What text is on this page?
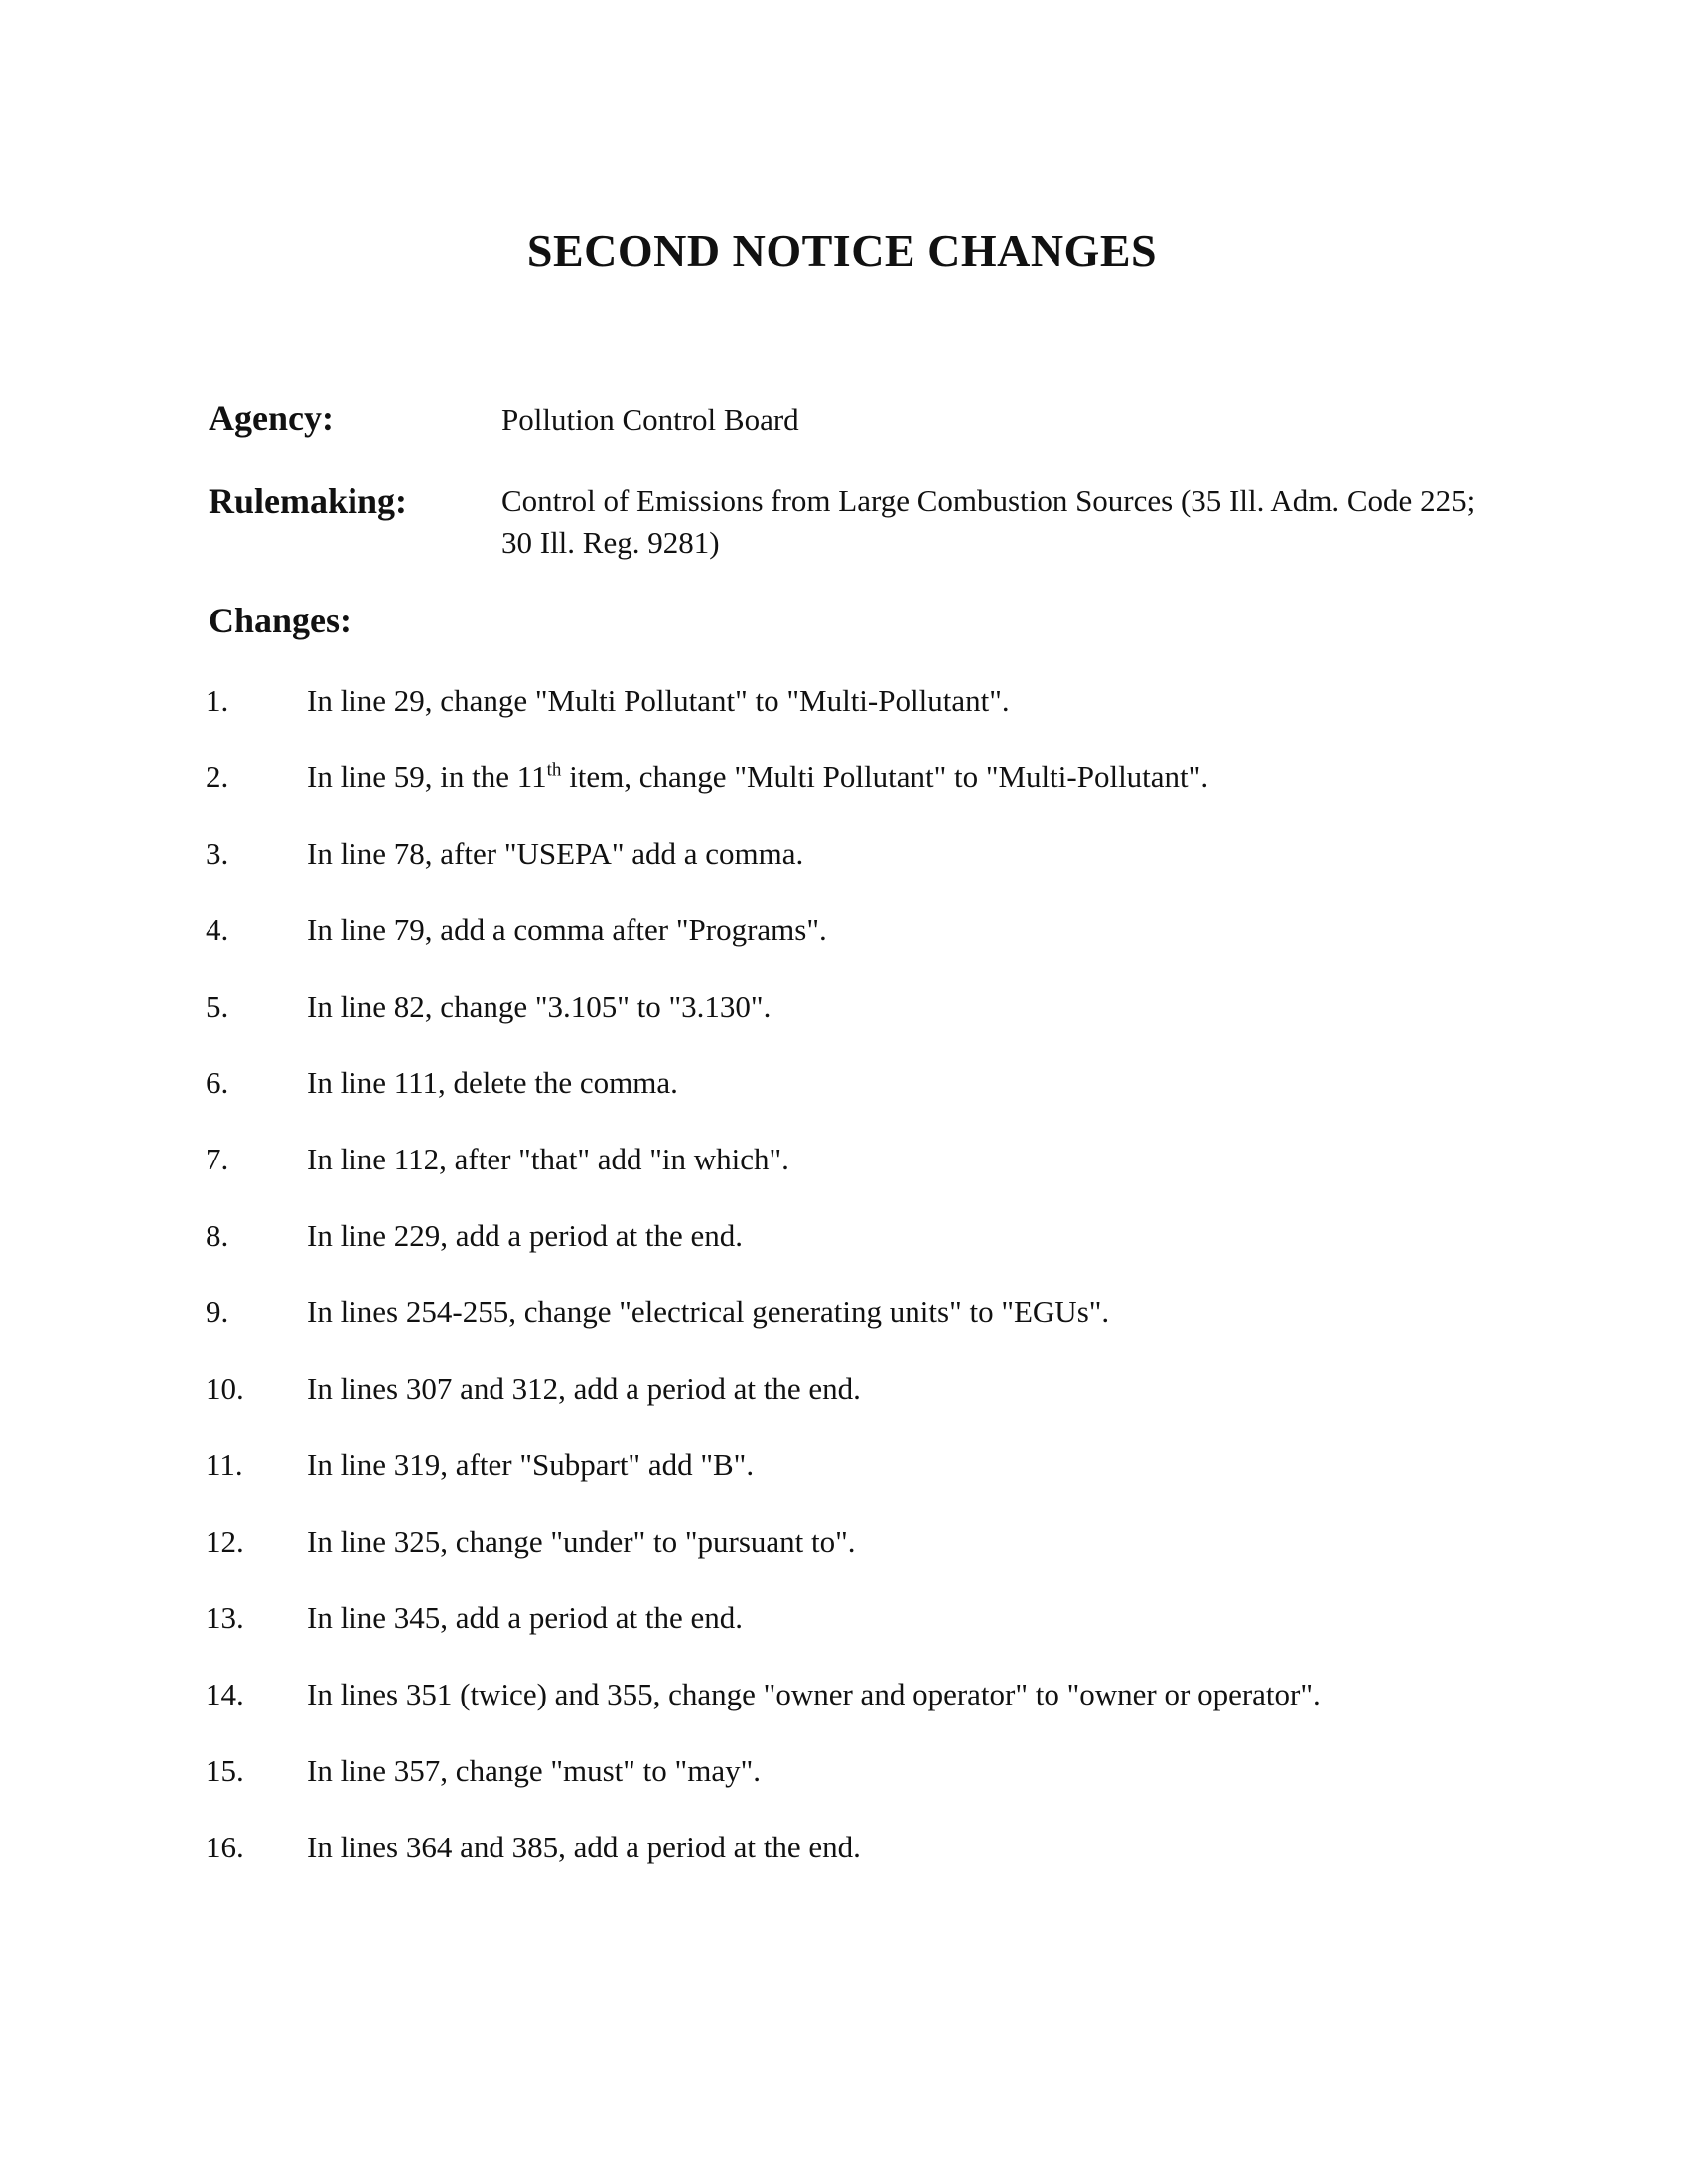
SECOND NOTICE CHANGES
Agency:	Pollution Control Board
Rulemaking:	Control of Emissions from Large Combustion Sources (35 Ill. Adm. Code 225; 30 Ill. Reg. 9281)
Changes:
1.	In line 29, change "Multi Pollutant" to "Multi-Pollutant".
2.	In line 59, in the 11th item, change "Multi Pollutant" to "Multi-Pollutant".
3.	In line 78, after "USEPA" add a comma.
4.	In line 79, add a comma after "Programs".
5.	In line 82, change "3.105" to "3.130".
6.	In line 111, delete the comma.
7.	In line 112, after "that" add "in which".
8.	In line 229, add a period at the end.
9.	In lines 254-255, change "electrical generating units" to "EGUs".
10. In lines 307 and 312, add a period at the end.
11. In line 319, after "Subpart" add "B".
12. In line 325, change "under" to "pursuant to".
13. In line 345, add a period at the end.
14. In lines 351 (twice) and 355, change "owner and operator" to "owner or operator".
15. In line 357, change "must" to "may".
16. In lines 364 and 385, add a period at the end.
